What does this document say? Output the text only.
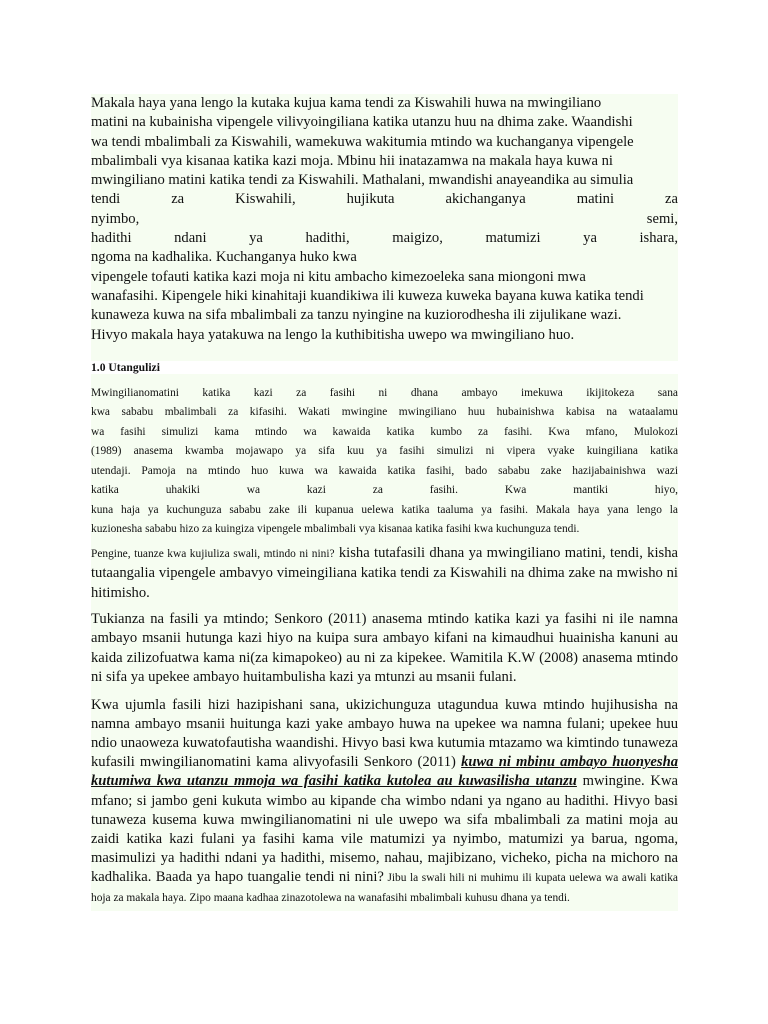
Makala haya yana lengo la kutaka kujua kama tendi za Kiswahili huwa na mwingiliano
matini na kubainisha vipengele vilivyoingiliana katika utanzu huu na dhima zake. Waandishi
wa tendi mbalimbali za Kiswahili, wamekuwa wakitumia mtindo wa kuchanganya vipengele
mbalimbali vya kisanaa katika kazi moja. Mbinu hii inatazamwa na makala haya kuwa ni
mwingiliano matini katika tendi za Kiswahili. Mathalani, mwandishi anayeandika au simulia
tendi za Kiswahili, hujikuta akichanganya matini za nyimbo, semi,
hadithi ndani ya hadithi, maigizo, matumizi ya ishara,
ngoma na kadhalika. Kuchanganya huko kwa
vipengele tofauti katika kazi moja ni kitu ambacho kimezoeleka sana miongoni mwa
wanafasihi. Kipengele hiki kinahitaji kuandikiwa ili kuweza kuweka bayana kuwa katika tendi
kunaweza kuwa na sifa mbalimbali za tanzu nyingine na kuziorodhesha ili zijulikane wazi.
Hivyo makala haya yatakuwa na lengo la kuthibitisha uwepo wa mwingiliano huo.

1.0 Utangulizi

Mwingilianomatini katika kazi za fasihi ni dhana ambayo imekuwa ikijitokeza sana
kwa sababu mbalimbali za kifasihi. Wakati mwingine mwingiliano huu hubainishwa kabisa na wataalamu
wa fasihi simulizi kama mtindo wa kawaida katika kumbo za fasihi. Kwa mfano, Mulokozi
(1989) anasema kwamba mojawapo ya sifa kuu ya fasihi simulizi ni vipera vyake kuingiliana katika
utendaji. Pamoja na mtindo huo kuwa wa kawaida katika fasihi, bado sababu zake hazijabainishwa wazi
katika uhakiki wa kazi za fasihi. Kwa mantiki hiyo,
kuna haja ya kuchunguza sababu zake ili kupanua uelewa katika taaluma ya fasihi. Makala haya yana lengo la
kuzionesha sababu hizo za kuingiza vipengele mbalimbali vya kisanaa katika fasihi kwa kuchunguza tendi.

Pengine, tuanze kwa kujiuliza swali, mtindo ni nini? kisha tutafasili dhana ya mwingiliano matini, tendi, kisha tutaangalia vipengele ambavyo vimeingiliana katika tendi za Kiswahili na dhima zake na mwisho ni hitimisho.

Tukianza na fasili ya mtindo; Senkoro (2011) anasema mtindo katika kazi ya fasihi ni ile namna ambayo msanii hutunga kazi hiyo na kuipa sura ambayo kifani na kimaudhui huainisha kanuni au kaida zilizofuatwa kama ni(za kimapokeo) au ni za kipekee. Wamitila K.W (2008) anasema mtindo ni sifa ya upekee ambayo huitambulisha kazi ya mtunzi au msanii fulani.

Kwa ujumla fasili hizi hazipishani sana, ukizichunguza utagundua kuwa mtindo hujihusisha na namna ambayo msanii huitunga kazi yake ambayo huwa na upekee wa namna fulani; upekee huu ndio unaoweza kuwatofautisha waandishi. Hivyo basi kwa kutumia mtazamo wa kimtindo tunaweza kufasili mwingilianomatini kama alivyofasili Senkoro (2011) kuwa ni mbinu ambayo huonyesha kutumiwa kwa utanzu mmoja wa fasihi katika kutolea au kuwasilisha utanzu mwingine. Kwa mfano; si jambo geni kukuta wimbo au kipande cha wimbo ndani ya ngano au hadithi. Hivyo basi tunaweza kusema kuwa mwingilianomatini ni ule uwepo wa sifa mbalimbali za matini moja au zaidi katika kazi fulani ya fasihi kama vile matumizi ya nyimbo, matumizi ya barua, ngoma, masimulizi ya hadithi ndani ya hadithi, misemo, nahau, majibizano, vicheko, picha na michoro na kadhalika. Baada ya hapo tuangalie tendi ni nini? Jibu la swali hili ni muhimu ili kupata uelewa wa awali katika hoja za makala haya. Zipo maana kadhaa zinazotolewa na wanafasihi mbalimbali kuhusu dhana ya tendi.
